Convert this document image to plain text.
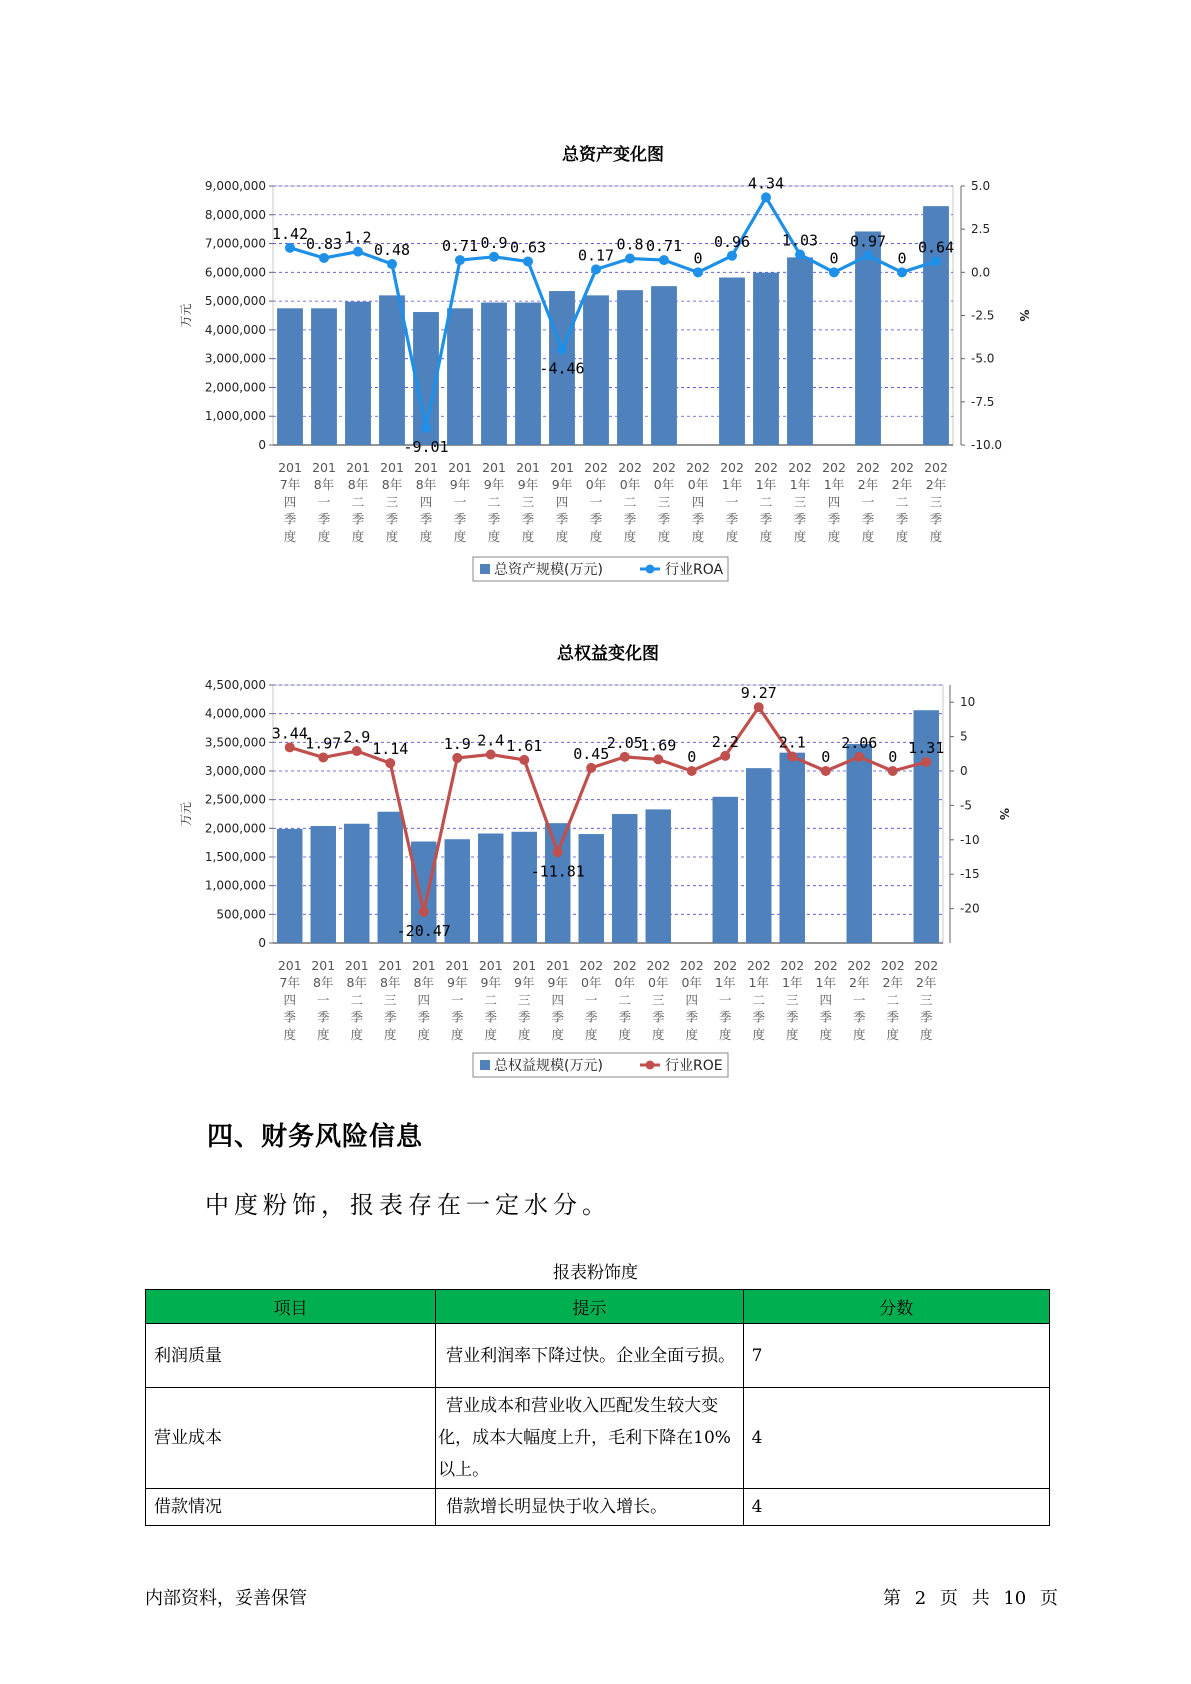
总资产变化图
9,000,000
8,000,000
7,000,000
6,000,000
5,000,000
4,000,000
3,000,000
2,000,000
1,000,000
0
5.0
2.5
0.0
-2.5
-5.0
-7.5
-10.0
万元	%
1.42
0.83 1.2
0.48
-9.01
0.71 0.9 0.63
-4.46
0.17
0.8 0.71
0
0.96
4.34
1.03
0
0.97
0
0.64
201 7年四季度
201 8年一季度
201 8年二季度
201 8年三季度
201 8年四季度
201 9年一季度
201 9年二季度
201 9年三季度
201 9年四季度
202 0年一季度
202 0年二季度
202 0年三季度
202 0年四季度
202 1年一季度
202 1年二季度
202 1年三季度
202 1年四季度
202 2年一季度
202 2年二季度
202 2年三季度
总资产规模(万元)	行业ROA
总权益变化图
4,500,000
4,000,000
3,500,000
3,000,000
2,500,000
2,000,000
1,500,000
1,000,000
500,000
0
10
5
0
-5
-10
-15
-20
万元	%
3.44
1.97 2.9
1.14
-20.47
1.9 2.4 1.61
-11.81
0.45
2.05
1.69
0
2.2
9.27
2.1
0
2.06
0
1.31
201 7年四季度
201 8年一季度
201 8年二季度
201 8年三季度
201 8年四季度
201 9年一季度
201 9年二季度
201 9年三季度
201 9年四季度
202 0年一季度
202 0年二季度
202 0年三季度
202 0年四季度
202 1年一季度
202 1年二季度
202 1年三季度
202 1年四季度
202 2年一季度
202 2年二季度
202 2年三季度
总权益规模(万元)	行业ROE
四、财务风险信息
中度粉饰，报表存在一定水分。
报表粉饰度
项目	提示	分数
利润质量	营业利润率下降过快。企业全面亏损。	7
营业成本	营业成本和营业收入匹配发生较大变化，成本大幅度上升，毛利下降在10%以上。	4
借款情况	借款增长明显快于收入增长。	4
内部资料，妥善保管	第 2 页 共 10 页
